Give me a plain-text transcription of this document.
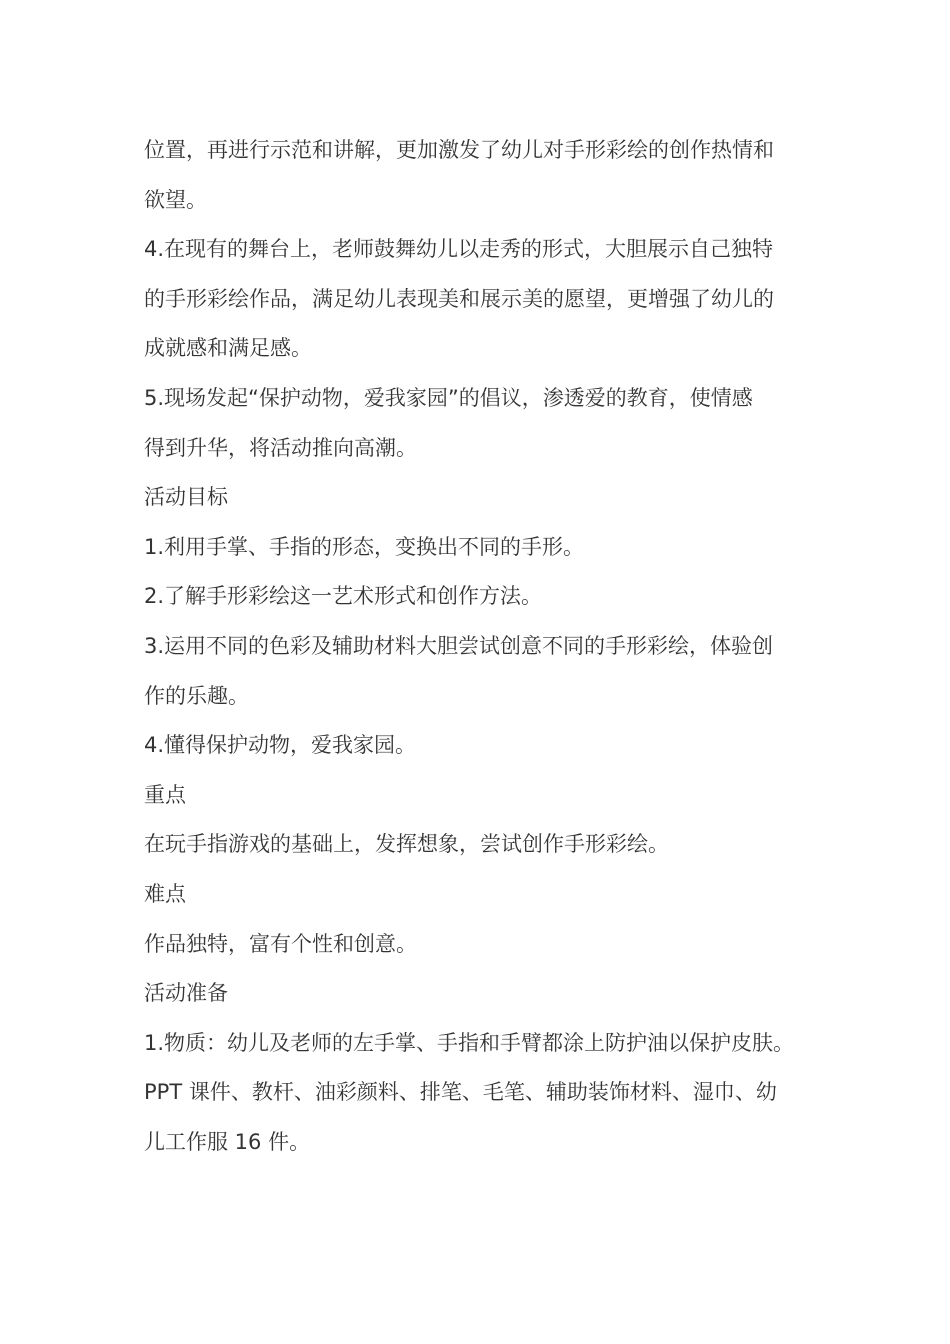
位置，再进行示范和讲解，更加激发了幼儿对手形彩绘的创作热情和

欲望。

4.在现有的舞台上，老师鼓舞幼儿以走秀的形式，大胆展示自己独特

的手形彩绘作品，满足幼儿表现美和展示美的愿望，更增强了幼儿的

成就感和满足感。

5.现场发起“保护动物，爱我家园”的倡议，渗透爱的教育，使情感

得到升华，将活动推向高潮。

活动目标

1.利用手掌、手指的形态，变换出不同的手形。

2.了解手形彩绘这一艺术形式和创作方法。

3.运用不同的色彩及辅助材料大胆尝试创意不同的手形彩绘，体验创

作的乐趣。

4.懂得保护动物，爱我家园。

重点

在玩手指游戏的基础上，发挥想象，尝试创作手形彩绘。

难点

作品独特，富有个性和创意。

活动准备

1.物质：幼儿及老师的左手掌、手指和手臂都涂上防护油以保护皮肤。

PPT 课件、教杆、油彩颜料、排笔、毛笔、辅助装饰材料、湿巾、幼

儿工作服 16 件。
